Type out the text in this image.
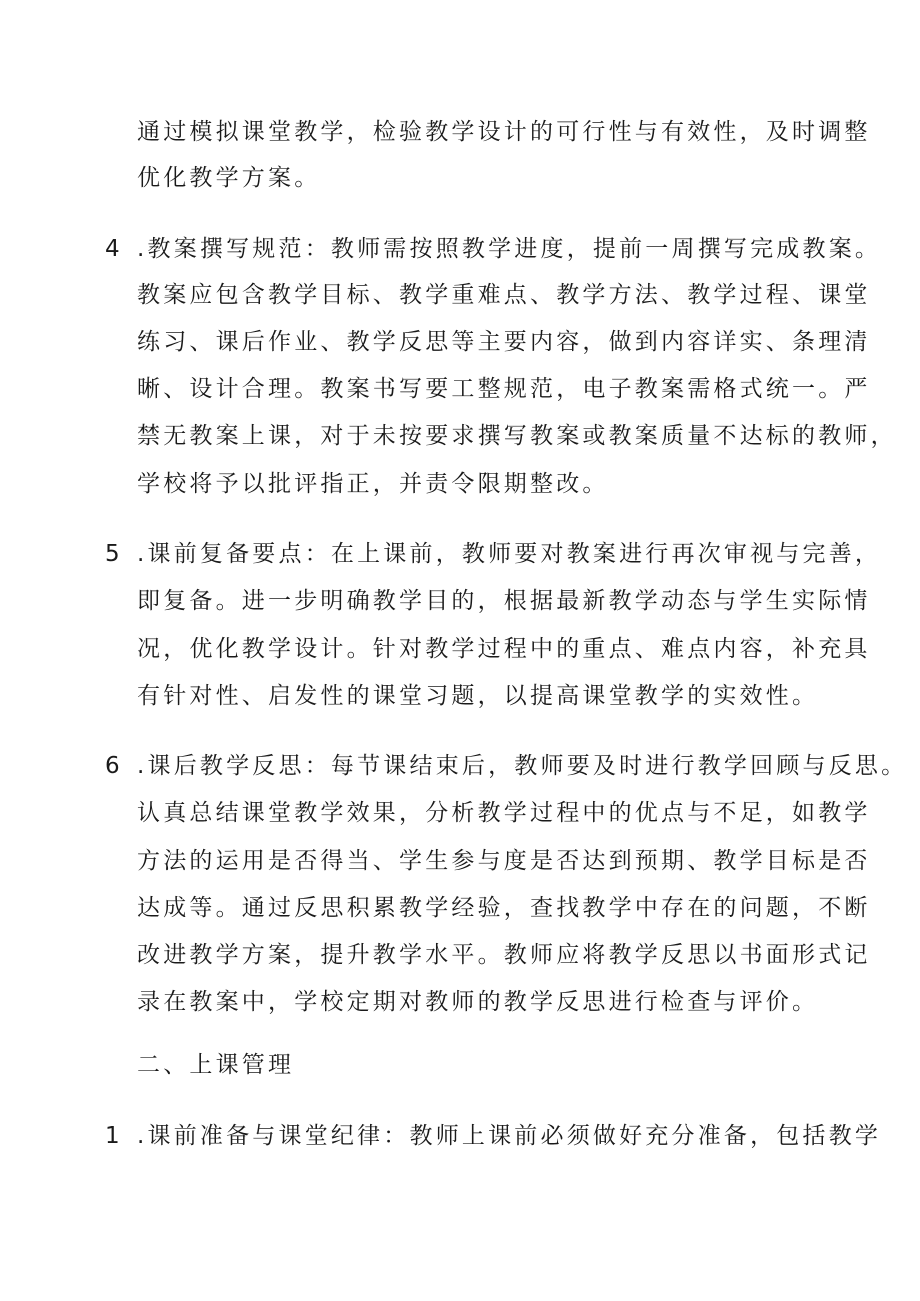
通过模拟课堂教学，检验教学设计的可行性与有效性，及时调整
优化教学方案。
4 .教案撰写规范：教师需按照教学进度，提前一周撰写完成教案。
教案应包含教学目标、教学重难点、教学方法、教学过程、课堂
练习、课后作业、教学反思等主要内容，做到内容详实、条理清
晰、设计合理。教案书写要工整规范，电子教案需格式统一。严
禁无教案上课，对于未按要求撰写教案或教案质量不达标的教师，
学校将予以批评指正，并责令限期整改。
5 .课前复备要点：在上课前，教师要对教案进行再次审视与完善，
即复备。进一步明确教学目的，根据最新教学动态与学生实际情
况，优化教学设计。针对教学过程中的重点、难点内容，补充具
有针对性、启发性的课堂习题，以提高课堂教学的实效性。
6 .课后教学反思：每节课结束后，教师要及时进行教学回顾与反思。
认真总结课堂教学效果，分析教学过程中的优点与不足，如教学
方法的运用是否得当、学生参与度是否达到预期、教学目标是否
达成等。通过反思积累教学经验，查找教学中存在的问题，不断
改进教学方案，提升教学水平。教师应将教学反思以书面形式记
录在教案中，学校定期对教师的教学反思进行检查与评价。
二、上课管理
1 .课前准备与课堂纪律：教师上课前必须做好充分准备，包括教学
